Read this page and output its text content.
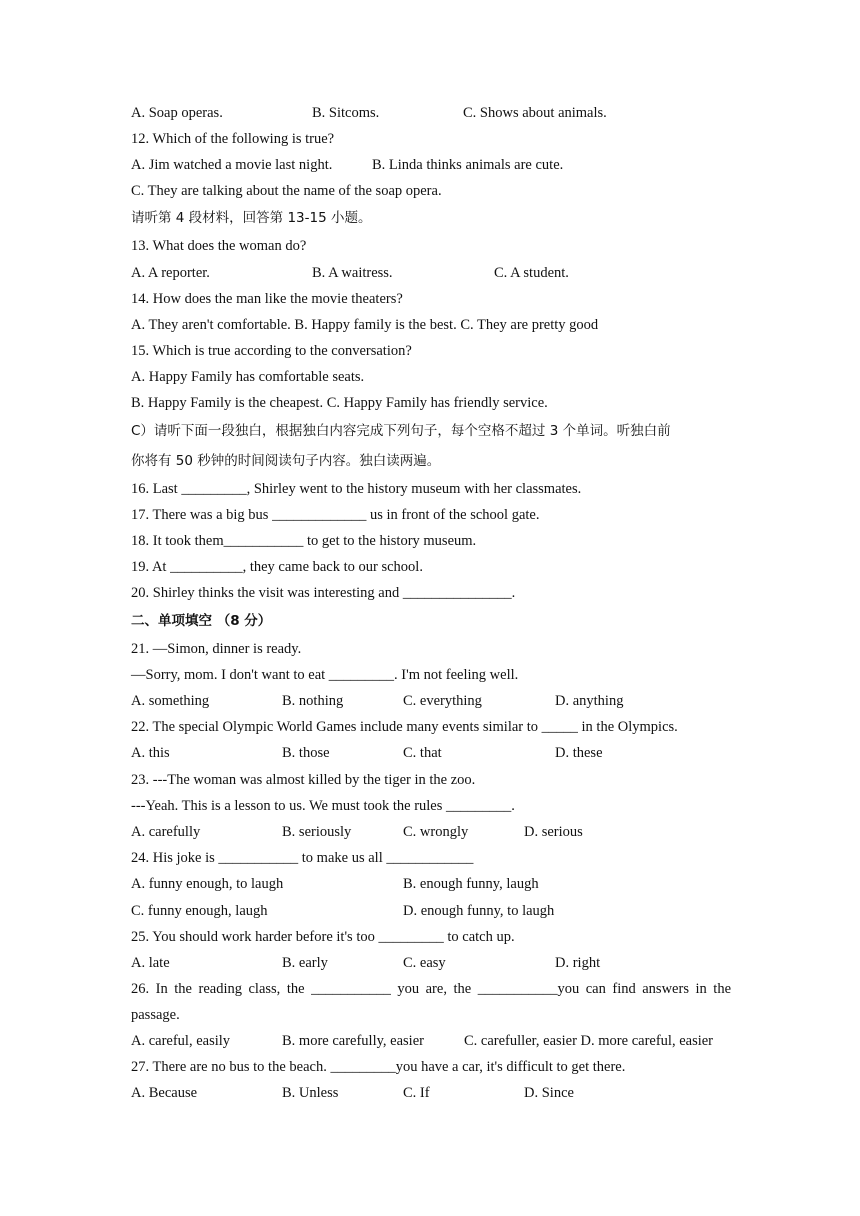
A. Soap operas.	B. Sitcoms.	C. Shows about animals.
12. Which of the following is true?
A. Jim watched a movie last night.	B. Linda thinks animals are cute.
C. They are talking about the name of the soap opera.
请听第 4 段材料，回答第 13-15 小题。
13. What does the woman do?
A. A reporter.	B. A waitress.	C. A student.
14. How does the man like the movie theaters?
A. They aren't comfortable. B. Happy family is the best. C. They are pretty good
15. Which is true according to the conversation?
A. Happy Family has comfortable seats.
B. Happy Family is the cheapest. C. Happy Family has friendly service.
C）请听下面一段独白，根据独白内容完成下列句子，每个空格不超过 3 个单词。听独白前
你将有 50 秒钟的时间阅读句子内容。独白读两遍。
16. Last _________, Shirley went to the history museum with her classmates.
17. There was a big bus _____________ us in front of the school gate.
18. It took them___________ to get to the history museum.
19. At __________, they came back to our school.
20. Shirley thinks the visit was interesting and _______________.
二、单项填空 （8 分）
21. —Simon, dinner is ready.
—Sorry, mom. I don't want to eat _________. I'm not feeling well.
A. something	B. nothing	C. everything	D. anything
22. The special Olympic World Games include many events similar to _____ in the Olympics.
A. this	B. those	C. that	D. these
23. ---The woman was almost killed by the tiger in the zoo.
---Yeah. This is a lesson to us. We must took the rules _________.
A. carefully	B. seriously	C. wrongly	D. serious
24. His joke is ___________ to make us all ____________
A. funny enough, to laugh	B. enough funny, laugh
C. funny enough, laugh	D. enough funny, to laugh
25. You should work harder before it's too _________ to catch up.
A. late	B. early	C. easy	D. right
26. In the reading class, the ___________ you are, the ___________you can find answers in the
passage.
A. careful, easily	B. more carefully, easier	C. carefuller, easier D. more careful, easier
27. There are no bus to the beach. _________you have a car, it's difficult to get there.
A. Because	B. Unless	C. If	D. Since
